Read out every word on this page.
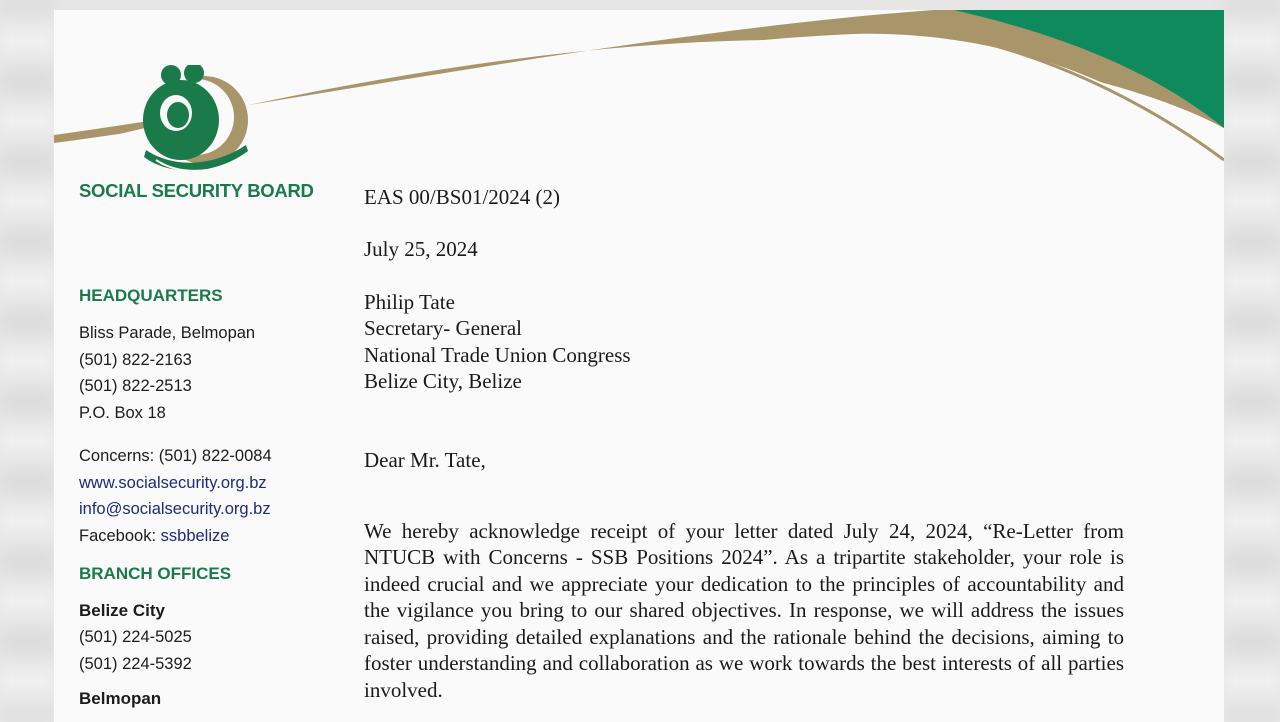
SOCIAL SECURITY BOARD
HEADQUARTERS
Bliss Parade, Belmopan
(501) 822-2163
(501) 822-2513
P.O. Box 18
Concerns: (501) 822-0084
www.socialsecurity.org.bz
info@socialsecurity.org.bz
Facebook: ssbbelize
BRANCH OFFICES
Belize City
(501) 224-5025
(501) 224-5392
Belmopan
EAS 00/BS01/2024 (2)
July 25, 2024
Philip Tate
Secretary- General
National Trade Union Congress
Belize City, Belize
Dear Mr. Tate,
We hereby acknowledge receipt of your letter dated July 24, 2024, “Re-Letter from NTUCB with Concerns - SSB Positions 2024”. As a tripartite stakeholder, your role is indeed crucial and we appreciate your dedication to the principles of accountability and the vigilance you bring to our shared objectives. In response, we will address the issues raised, providing detailed explanations and the rationale behind the decisions, aiming to foster understanding and collaboration as we work towards the best interests of all parties involved.
